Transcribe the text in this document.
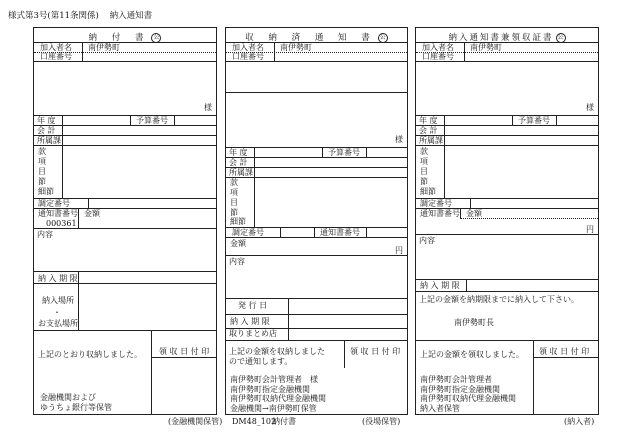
様式第3号(第11条関係) 納入通知書
納 付 書 公
加入者名 南伊勢町
口座番号
様
年 度	予算番号
会 計
所属課
款
項
目
節
細節
調定番号
通知書番号 金額
000361
内容
納 入 期 限
納入場所
・
お支払場所
上記のとおり収納しました。 領 収 日 付 印
金融機関および
ゆうちょ銀行等保管
(金融機関保管)
収 納 済 通 知 書 公
加入者名 南伊勢町
口座番号
様
年 度	予算番号
会 計
所属課
款
項
目
節
細節
調定番号	通知書番号
金額
円
内容
発 行 日
納 入 期 限
取りまとめ店
上記の金額を収納しました
ので通知します。
領 収 日 付 印
南伊勢町会計管理者　様
南伊勢町指定金融機関
南伊勢町収納代理金融機関
金融機関→南伊勢町保管
DM48_102
納付書	(役場保管)
納入通知書兼領収証書 公
加入者名 南伊勢町
口座番号
様
年 度	予算番号
会 計
所属課
款
項
目
節
細節
調定番号
通知書番号 金額
円
内容
納 入 期 限
上記の金額を納期限までに納入して下さい。
南伊勢町長
上記の金額を領収しました。 領 収 日 付 印
南伊勢町会計管理者
南伊勢町指定金融機関
南伊勢町収納代理金融機関
納入者保管
(納入者)
